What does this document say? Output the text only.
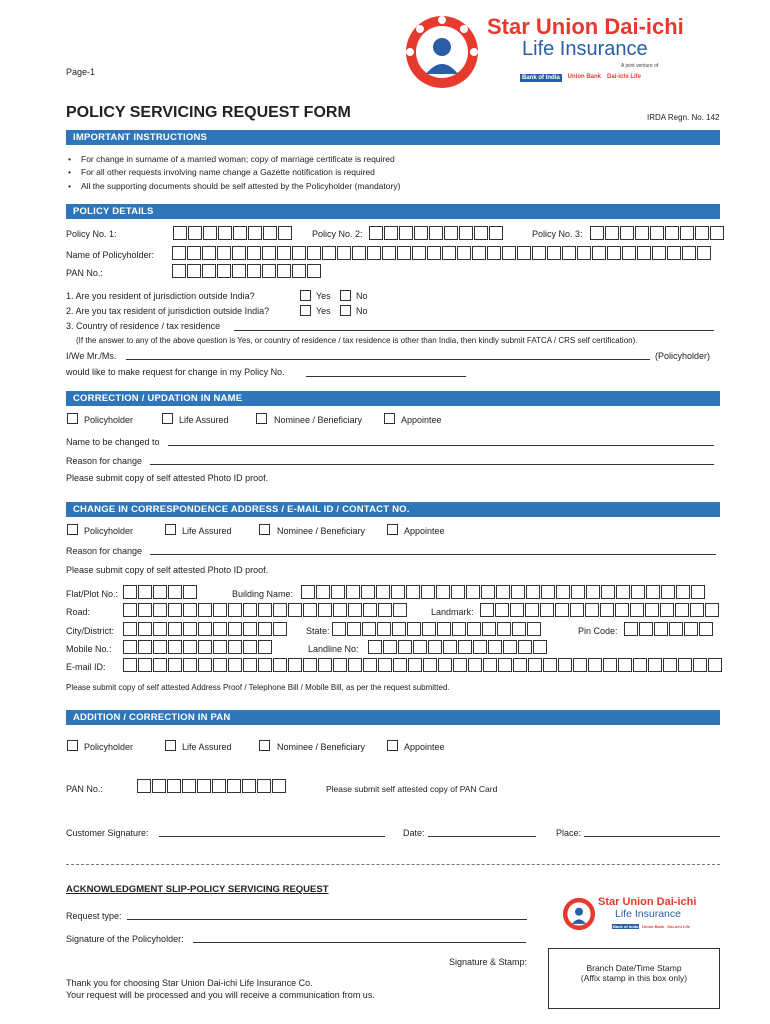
Star Union Dai-ichi
Life Insurance
A joint venture of
Bank of India	Union Bank Dai-ichi Life
Page-1
POLICY SERVICING REQUEST FORM	IRDA Regn. No. 142
IMPORTANT INSTRUCTIONS
• For change in surname of a married woman; copy of marriage certificate is required
• For all other requests involving name change a Gazette notification is required
• All the supporting documents should be self attested by the Policyholder (mandatory)
POLICY DETAILS
Policy No. 1:	Policy No. 2:	Policy No. 3:
Name of Policyholder:
PAN No.:
1. Are you resident of jurisdiction outside India?	Yes	No
2. Are you tax resident of jurisdiction outside India?	Yes	No
3. Country of residence / tax residence
(If the answer to any of the above question is Yes, or country of residence / tax residence is other than India, then kindly submit FATCA / CRS self certification).
I/We Mr./Ms.	(Policyholder)
would like to make request for change in my Policy No.
CORRECTION / UPDATION IN NAME
Policyholder	Life Assured	Nominee / Beneficiary	Appointee
Name to be changed to
Reason for change
Please submit copy of self attested Photo ID proof.
CHANGE IN CORRESPONDENCE ADDRESS / E-MAIL ID / CONTACT NO.
Policyholder	Life Assured	Nominee / Beneficiary	Appointee
Reason for change
Please submit copy of self attested Photo ID proof.
Flat/Plot No.:	Building Name:
Road:	Landmark:
City/District:	State:	Pin Code:
Mobile No.:	Landline No:
E-mail ID:
Please submit copy of self attested Address Proof / Telephone Bill / Mobile Bill, as per the request submitted.
ADDITION / CORRECTION IN PAN
Policyholder	Life Assured	Nominee / Beneficiary	Appointee
PAN No.:	Please submit self attested copy of PAN Card
Customer Signature:	Date:	Place:
ACKNOWLEDGMENT SLIP-POLICY SERVICING REQUEST
Star Union Dai-ichi
Life Insurance
Bank of India Union Bank Dai-ichi Life
Request type:
Signature of the Policyholder:
Signature & Stamp:
Branch Date/Time Stamp
(Affix stamp in this box only)
Thank you for choosing Star Union Dai-ichi Life Insurance Co.
Your request will be processed and you will receive a communication from us.
